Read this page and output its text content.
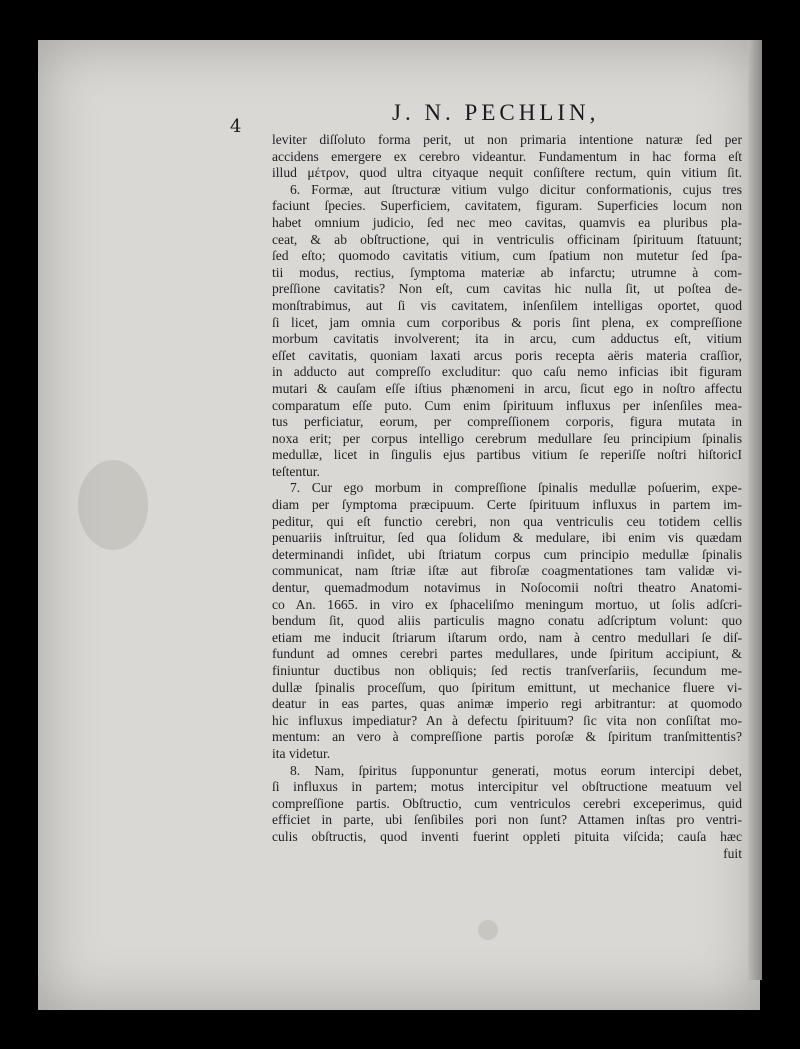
4
J. N. PECHLIN,
leviter diſſoluto forma perit, ut non primaria intentione naturæ ſed per
accidens emergere ex cerebro videantur. Fundamentum in hac forma eſt
illud μέτρον, quod ultra cityaque nequit conſiſtere rectum, quin vitium ſit.
6. Formæ, aut ſtructuræ vitium vulgo dicitur conformationis, cujus tres
faciunt ſpecies. Superficiem, cavitatem, figuram. Superficies locum non
habet omnium judicio, ſed nec meo cavitas, quamvis ea pluribus pla-
ceat, & ab obſtructione, qui in ventriculis officinam ſpirituum ſtatuunt;
ſed eſto; quomodo cavitatis vitium, cum ſpatium non mutetur ſed ſpa-
tii modus, rectius, ſymptoma materiæ ab infarctu; utrumne à com-
preſſione cavitatis? Non eſt, cum cavitas hic nulla ſit, ut poſtea de-
monſtrabimus, aut ſi vis cavitatem, inſenſilem intelligas oportet, quod
ſi licet, jam omnia cum corporibus & poris ſint plena, ex compreſſione
morbum cavitatis involverent; ita in arcu, cum adductus eſt, vitium
eſſet cavitatis, quoniam laxati arcus poris recepta aëris materia craſſior,
in adducto aut compreſſo excluditur: quo caſu nemo inficias ibit figuram
mutari & cauſam eſſe iſtius phænomeni in arcu, ſicut ego in noſtro affectu
comparatum eſſe puto. Cum enim ſpirituum influxus per inſenſiles mea-
tus perficiatur, eorum, per compreſſionem corporis, figura mutata in
noxa erit; per corpus intelligo cerebrum medullare ſeu principium ſpinalis
medullæ, licet in ſingulis ejus partibus vitium ſe reperiſſe noſtri hiſtoricI
teſtentur.
7. Cur ego morbum in compreſſione ſpinalis medullæ poſuerim, expe-
diam per ſymptoma præcipuum. Certe ſpirituum influxus in partem im-
peditur, qui eſt functio cerebri, non qua ventriculis ceu totidem cellis
penuariis inſtruitur, ſed qua ſolidum & medulare, ibi enim vis quædam
determinandi inſidet, ubi ſtriatum corpus cum principio medullæ ſpinalis
communicat, nam ſtriæ iſtæ aut fibroſæ coagmentationes tam validæ vi-
dentur, quemadmodum notavimus in Noſocomii noſtri theatro Anatomi-
co An. 1665. in viro ex ſphaceliſmo meningum mortuo, ut ſolis adſcri-
bendum ſit, quod aliis particulis magno conatu adſcriptum volunt: quo
etiam me inducit ſtriarum iſtarum ordo, nam à centro medullari ſe diſ-
fundunt ad omnes cerebri partes medullares, unde ſpiritum accipiunt, &
finiuntur ductibus non obliquis; ſed rectis tranſverſariis, ſecundum me-
dullæ ſpinalis proceſſum, quo ſpiritum emittunt, ut mechanice fluere vi-
deatur in eas partes, quas animæ imperio regi arbitrantur: at quomodo
hic influxus impediatur? An à defectu ſpirituum? ſic vita non conſiſtat mo-
mentum: an vero à compreſſione partis poroſæ & ſpiritum tranſmittentis?
ita videtur.
8. Nam, ſpiritus ſupponuntur generati, motus eorum intercipi debet,
ſi influxus in partem; motus intercipitur vel obſtructione meatuum vel
compreſſione partis. Obſtructio, cum ventriculos cerebri exceperimus, quid
efficiet in parte, ubi ſenſibiles pori non ſunt? Attamen inſtas pro ventri-
culis obſtructis, quod inventi fuerint oppleti pituita viſcida; cauſa hæc
fuit
